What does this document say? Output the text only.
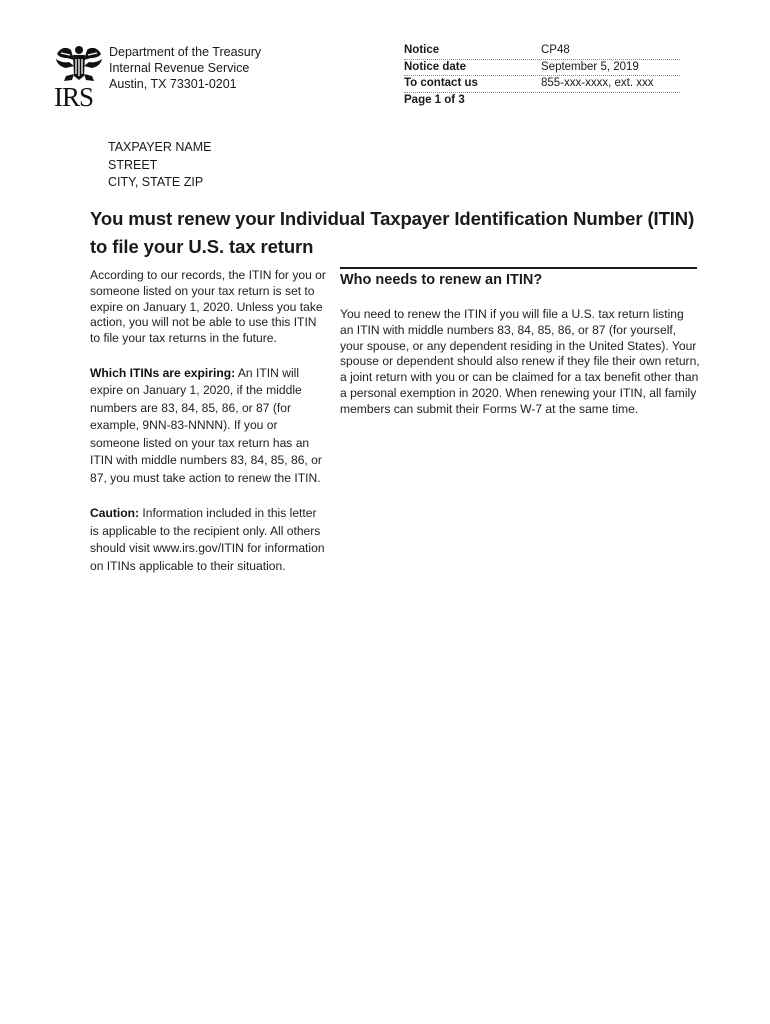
IRS
Department of the Treasury
Internal Revenue Service
Austin, TX 73301-0201
Notice	CP48
Notice date	September 5, 2019
To contact us	855-xxx-xxxx, ext. xxx
Page 1 of 3
TAXPAYER NAME
STREET
CITY, STATE ZIP
You must renew your Individual Taxpayer Identification Number (ITIN) to file your U.S. tax return

According to our records, the ITIN for you or someone listed on your tax return is set to expire on January 1, 2020. Unless you take action, you will not be able to use this ITIN to file your tax returns in the future.

Which ITINs are expiring: An ITIN will expire on January 1, 2020, if the middle numbers are 83, 84, 85, 86, or 87 (for example, 9NN-83-NNNN). If you or someone listed on your tax return has an ITIN with middle numbers 83, 84, 85, 86, or 87, you must take action to renew the ITIN.

Caution: Information included in this letter is applicable to the recipient only. All others should visit www.irs.gov/ITIN for information on ITINs applicable to their situation.

Who needs to renew an ITIN?

You need to renew the ITIN if you will file a U.S. tax return listing an ITIN with middle numbers 83, 84, 85, 86, or 87 (for yourself, your spouse, or any dependent residing in the United States). Your spouse or dependent should also renew if they file their own return, a joint return with you or can be claimed for a tax benefit other than a personal exemption in 2020. When renewing your ITIN, all family members can submit their Forms W-7 at the same time.
